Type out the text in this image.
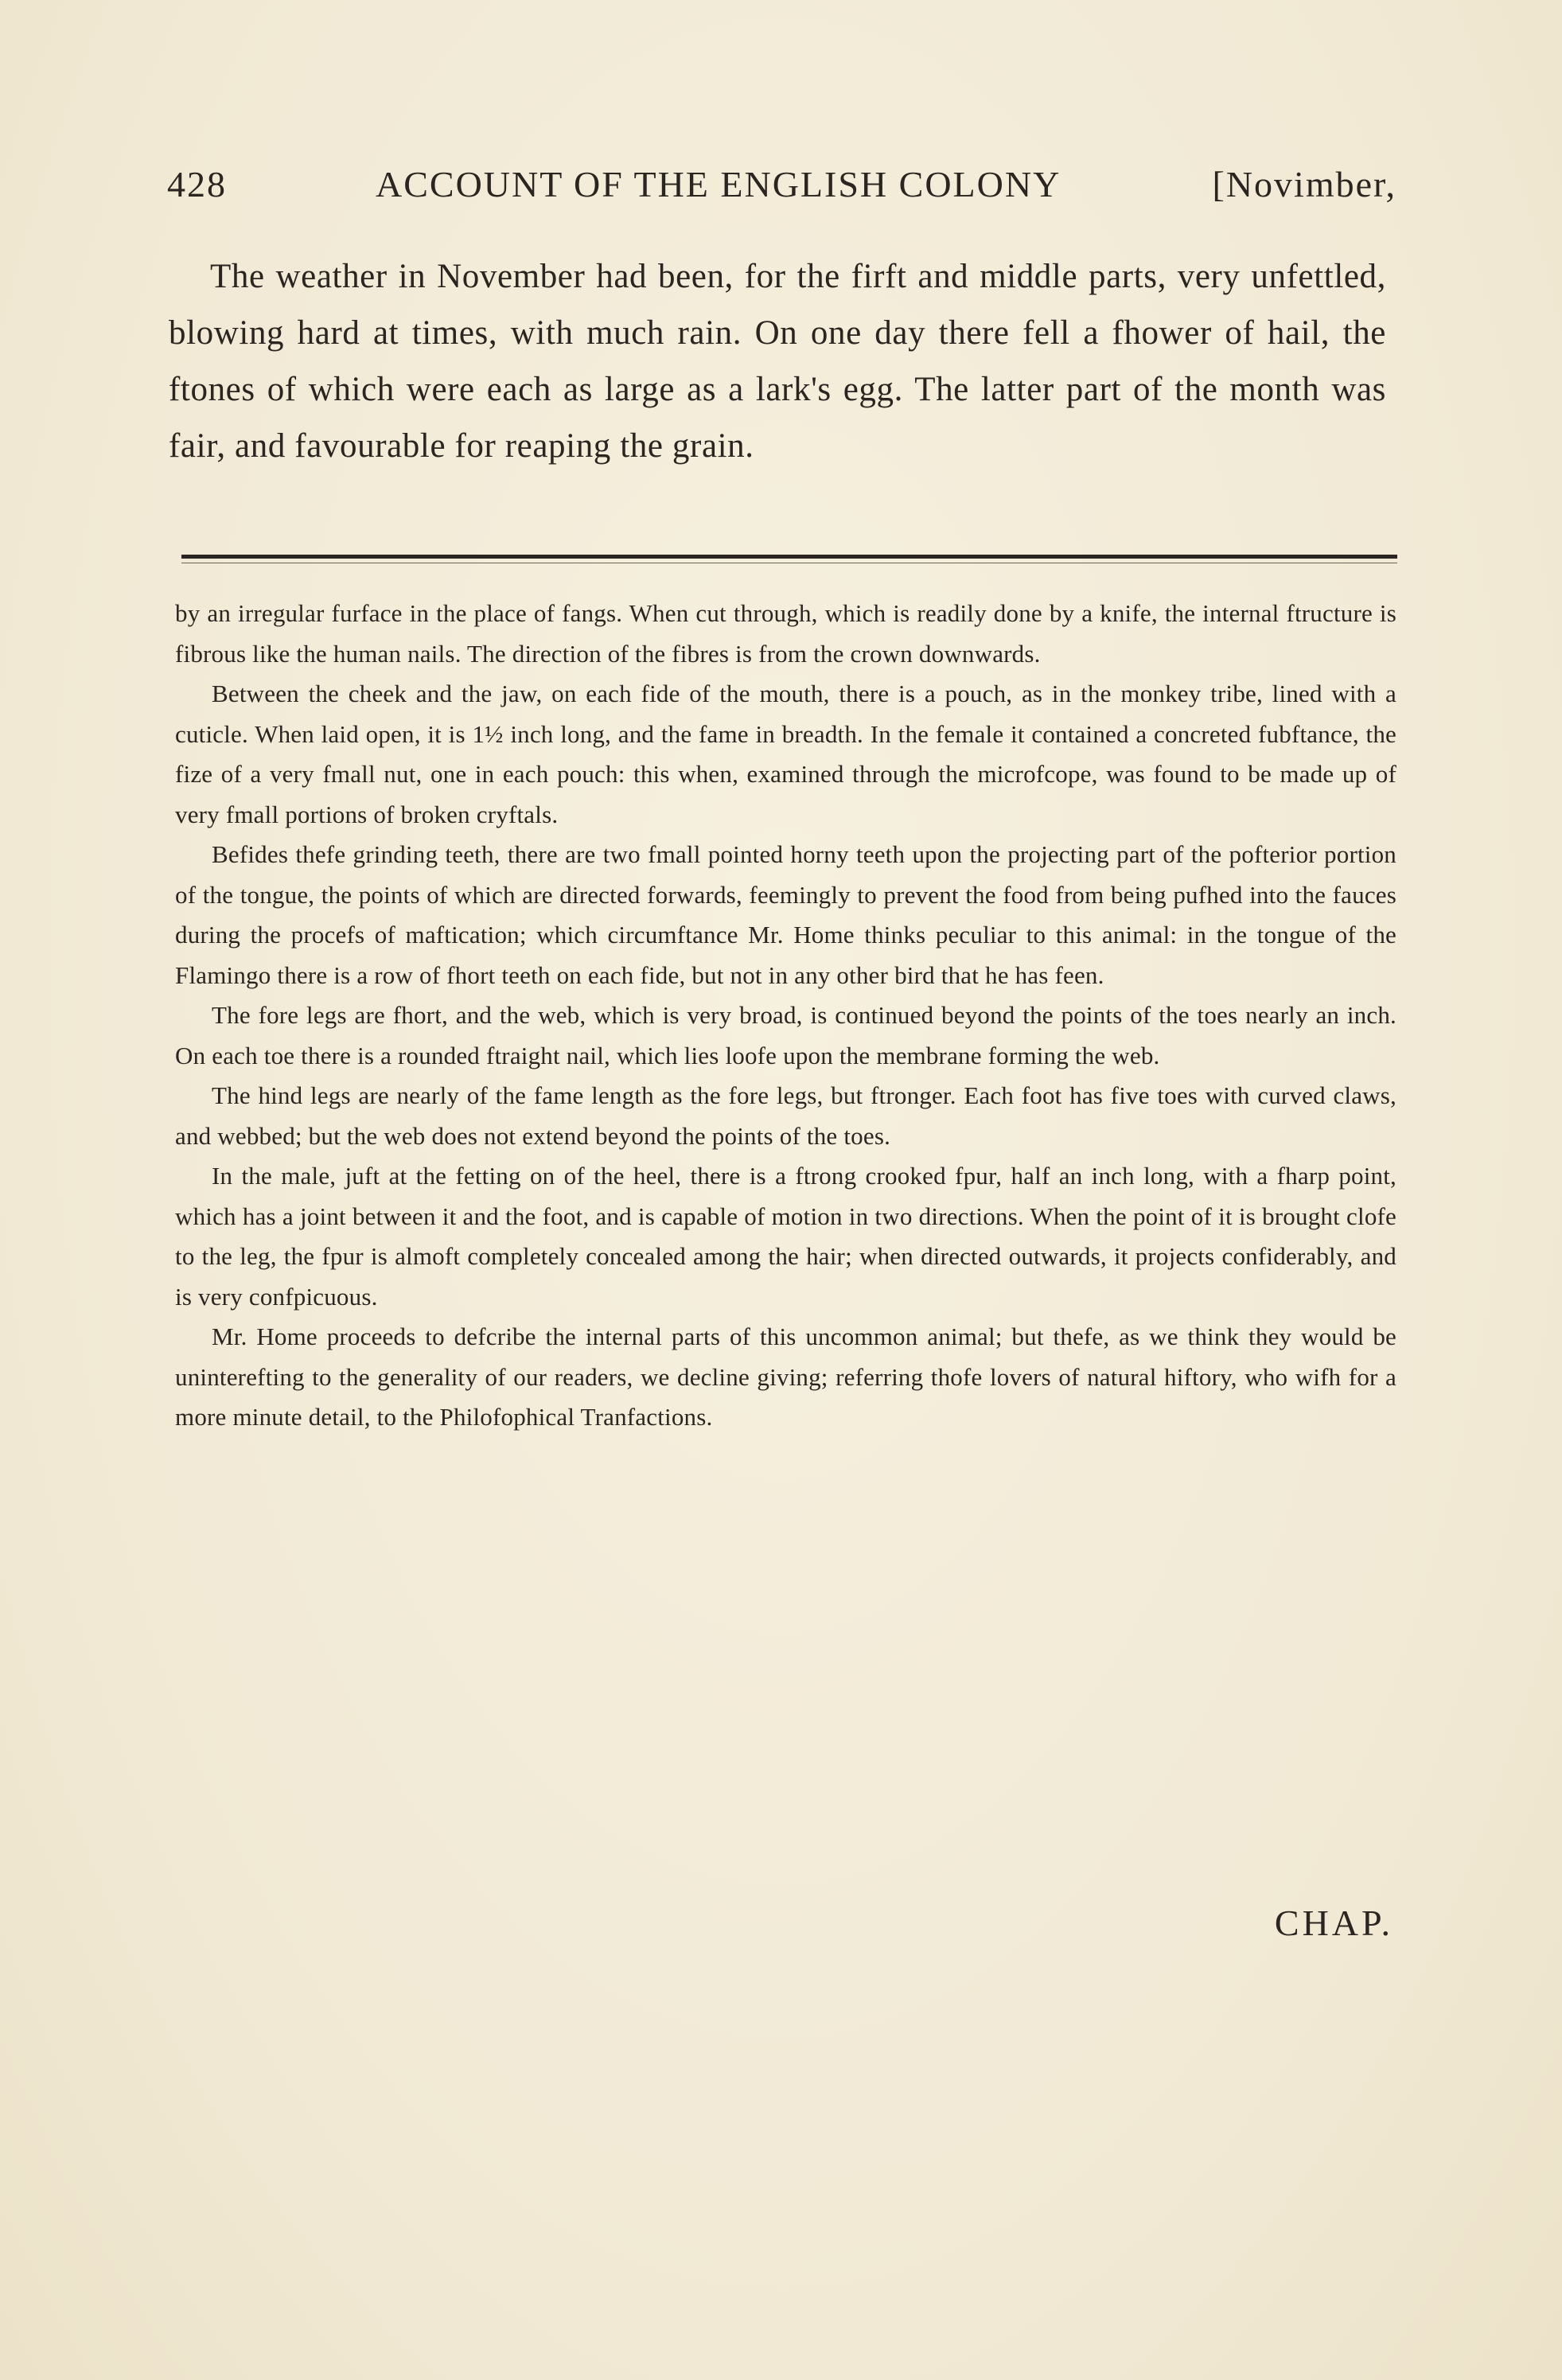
428	ACCOUNT OF THE ENGLISH COLONY	[Novimber,

The weather in November had been, for the firft and middle parts, very unfettled, blowing hard at times, with much rain. On one day there fell a fhower of hail, the ftones of which were each as large as a lark's egg. The latter part of the month was fair, and favourable for reaping the grain.

by an irregular furface in the place of fangs. When cut through, which is readily done by a knife, the internal ftructure is fibrous like the human nails. The direction of the fibres is from the crown downwards.

Between the cheek and the jaw, on each fide of the mouth, there is a pouch, as in the monkey tribe, lined with a cuticle. When laid open, it is 1½ inch long, and the fame in breadth. In the female it contained a concreted fubftance, the fize of a very fmall nut, one in each pouch: this when, examined through the microfcope, was found to be made up of very fmall portions of broken cryftals.

Befides thefe grinding teeth, there are two fmall pointed horny teeth upon the projecting part of the pofterior portion of the tongue, the points of which are directed forwards, feemingly to prevent the food from being pufhed into the fauces during the procefs of maftication; which circumftance Mr. Home thinks peculiar to this animal: in the tongue of the Flamingo there is a row of fhort teeth on each fide, but not in any other bird that he has feen.

The fore legs are fhort, and the web, which is very broad, is continued beyond the points of the toes nearly an inch. On each toe there is a rounded ftraight nail, which lies loofe upon the membrane forming the web.

The hind legs are nearly of the fame length as the fore legs, but ftronger. Each foot has five toes with curved claws, and webbed; but the web does not extend beyond the points of the toes.

In the male, juft at the fetting on of the heel, there is a ftrong crooked fpur, half an inch long, with a fharp point, which has a joint between it and the foot, and is capable of motion in two directions. When the point of it is brought clofe to the leg, the fpur is almoft completely concealed among the hair; when directed outwards, it projects confiderably, and is very confpicuous.

Mr. Home proceeds to defcribe the internal parts of this uncommon animal; but thefe, as we think they would be uninterefting to the generality of our readers, we decline giving; referring thofe lovers of natural hiftory, who wifh for a more minute detail, to the Philofophical Tranfactions.

CHAP.
